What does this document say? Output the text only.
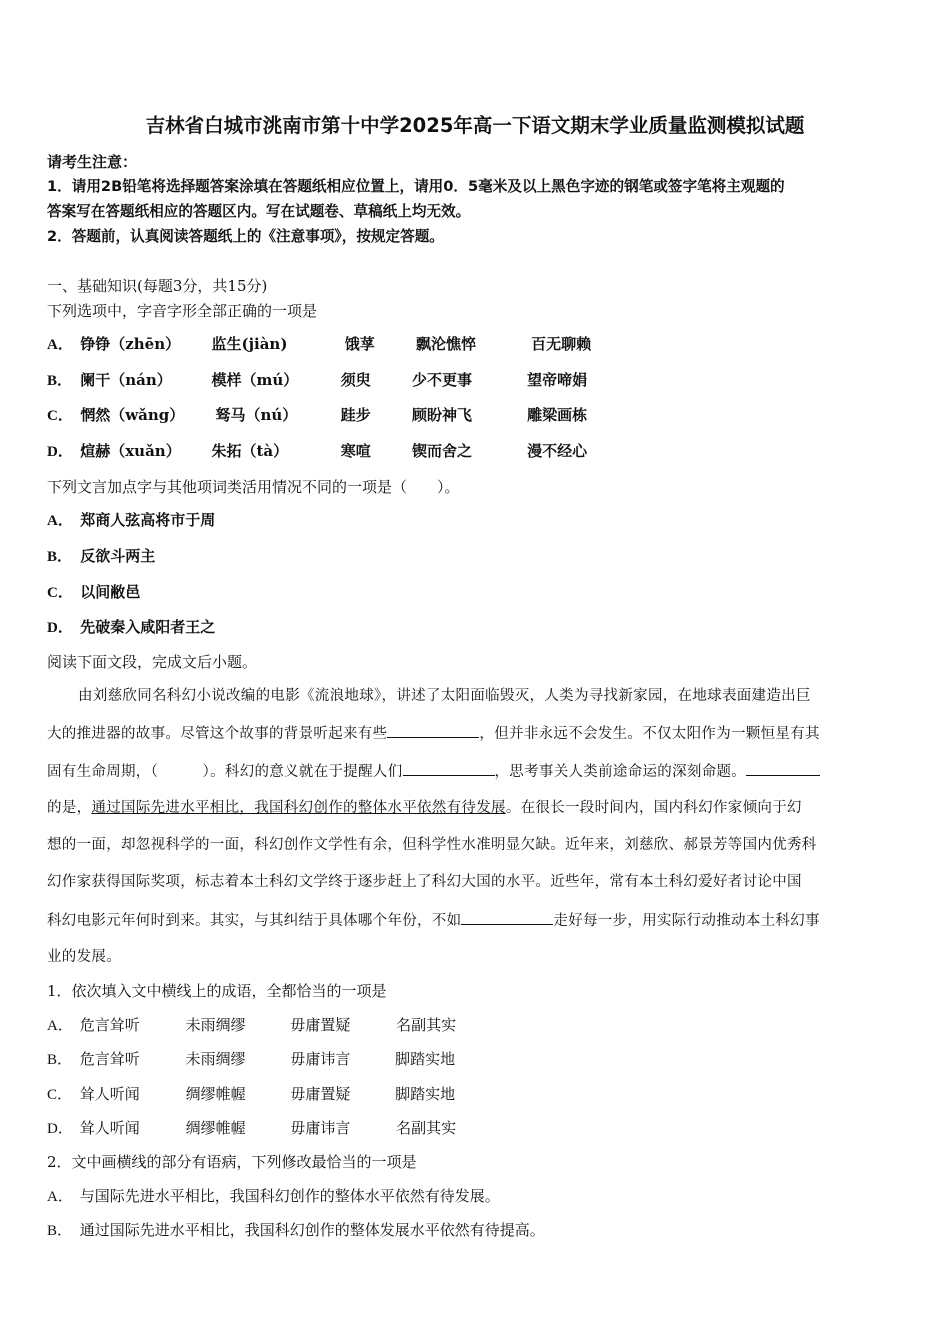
吉林省白城市洮南市第十中学2025年高一下语文期末学业质量监测模拟试题
请考生注意：
1．请用2B铅笔将选择题答案涂填在答题纸相应位置上，请用0．5毫米及以上黑色字迹的钢笔或签字笔将主观题的
答案写在答题纸相应的答题区内。写在试题卷、草稿纸上均无效。
2．答题前，认真阅读答题纸上的《注意事项》，按规定答题。
一、基础知识(每题3分，共15分)
下列选项中，字音字形全部正确的一项是
A． 铮铮（zhēn） 监生(jiàn)	饿莩	飘沦憔悴	百无聊赖
B． 阑干（nán）	模样（mú）	须臾	少不更事	望帝啼娟
C． 惘然（wǎng） 驽马（nú）	跬步	顾盼神飞	雕梁画栋
D． 煊赫（xuǎn） 朱拓（tà）	寒喧	锲而舍之	漫不经心
下列文言加点字与其他项词类活用情况不同的一项是（　　）。
A． 郑商人弦高将市于周
B． 反欲斗两主
C． 以间敝邑
D． 先破秦入咸阳者王之
阅读下面文段，完成文后小题。
由刘慈欣同名科幻小说改编的电影《流浪地球》，讲述了太阳面临毁灭，人类为寻找新家园，在地球表面建造出巨
大的推进器的故事。尽管这个故事的背景听起来有些	，但并非永远不会发生。不仅太阳作为一颗恒星有其
固有生命周期，（　　　）。科幻的意义就在于提醒人们	，思考事关人类前途命运的深刻命题。
的是，通过国际先进水平相比，我国科幻创作的整体水平依然有待发展。在很长一段时间内，国内科幻作家倾向于幻
想的一面，却忽视科学的一面，科幻创作文学性有余，但科学性水准明显欠缺。近年来，刘慈欣、郝景芳等国内优秀科
幻作家获得国际奖项，标志着本土科幻文学终于逐步赶上了科幻大国的水平。近些年，常有本土科幻爱好者讨论中国
科幻电影元年何时到来。其实，与其纠结于具体哪个年份，不如	走好每一步，用实际行动推动本土科幻事
业的发展。
1．依次填入文中横线上的成语，全都恰当的一项是
A． 危言耸听	未雨绸缪	毋庸置疑	名副其实
B． 危言耸听	未雨绸缪	毋庸讳言	脚踏实地
C． 耸人听闻	绸缪帷幄	毋庸置疑	脚踏实地
D． 耸人听闻	绸缪帷幄	毋庸讳言	名副其实
2．文中画横线的部分有语病，下列修改最恰当的一项是
A． 与国际先进水平相比，我国科幻创作的整体水平依然有待发展。
B． 通过国际先进水平相比，我国科幻创作的整体发展水平依然有待提高。
